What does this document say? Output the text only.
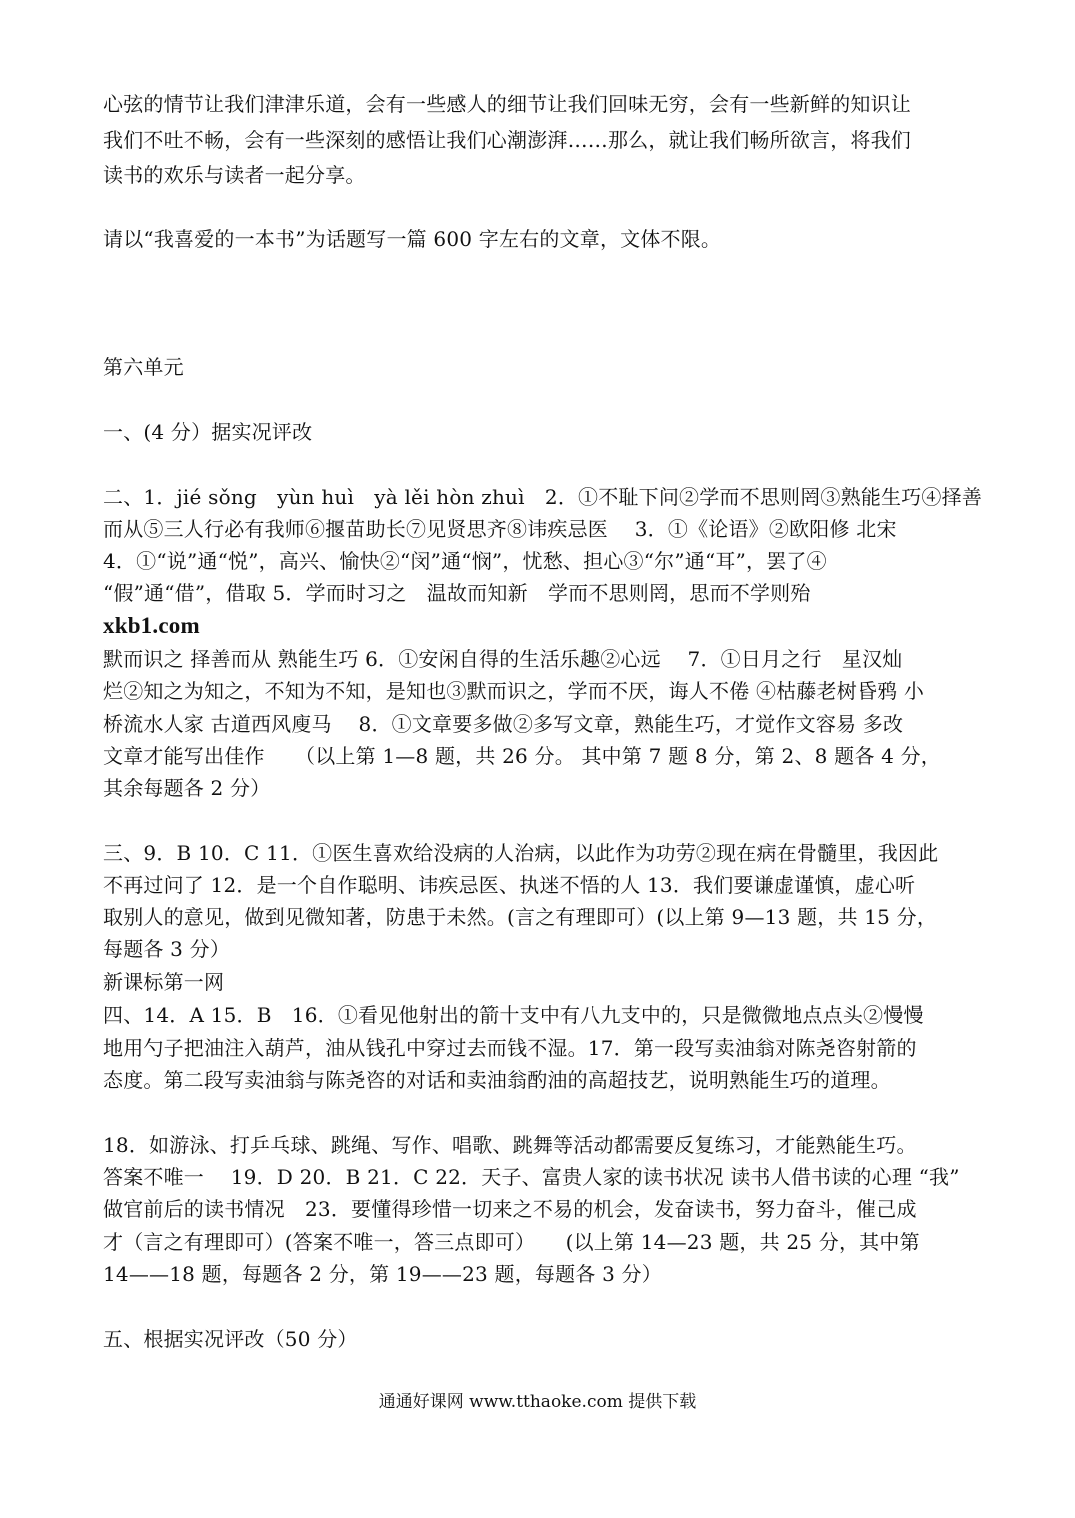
心弦的情节让我们津津乐道，会有一些感人的细节让我们回味无穷，会有一些新鲜的知识让
我们不吐不畅，会有一些深刻的感悟让我们心潮澎湃……那么，就让我们畅所欲言，将我们
读书的欢乐与读者一起分享。
请以“我喜爱的一本书”为话题写一篇 600 字左右的文章，文体不限。
第六单元
一、(4 分）据实况评改
二、1．jié sǒng　yùn huì　yà lěi hòn zhuì　2．①不耻下问②学而不思则罔③熟能生巧④择善
而从⑤三人行必有我师⑥揠苗助长⑦见贤思齐⑧讳疾忌医　 3．①《论语》②欧阳修 北宋
4．①“说”通“悦”，高兴、愉快②“闵”通“悯”，忧愁、担心③“尔”通“耳”，罢了④
“假”通“借”，借取 5．学而时习之　温故而知新　学而不思则罔，思而不学则殆
xkb1.com
默而识之 择善而从 熟能生巧 6．①安闲自得的生活乐趣②心远　 7．①日月之行　星汉灿
烂②知之为知之，不知为不知，是知也③默而识之，学而不厌，诲人不倦 ④枯藤老树昏鸦 小
桥流水人家 古道西风廋马　 8．①文章要多做②多写文章，熟能生巧，才觉作文容易 多改
文章才能写出佳作　　（以上第 1—8 题，共 26 分。 其中第 7 题 8 分，第 2、8 题各 4 分，
其余每题各 2 分）
三、9．B 10．C 11．①医生喜欢给没病的人治病，以此作为功劳②现在病在骨髓里，我因此
不再过问了 12．是一个自作聪明、讳疾忌医、执迷不悟的人 13．我们要谦虚谨慎，虚心听
取别人的意见，做到见微知著，防患于未然。(言之有理即可）(以上第 9—13 题，共 15 分，
每题各 3 分）
新课标第一网
四、14．A 15．B　16．①看见他射出的箭十支中有八九支中的，只是微微地点点头②慢慢
地用勺子把油注入葫芦，油从钱孔中穿过去而钱不湿。17．第一段写卖油翁对陈尧咨射箭的
态度。第二段写卖油翁与陈尧咨的对话和卖油翁酌油的高超技艺，说明熟能生巧的道理。
18．如游泳、打乒乓球、跳绳、写作、唱歌、跳舞等活动都需要反复练习，才能熟能生巧。
答案不唯一　 19．D 20．B 21．C 22．天子、富贵人家的读书状况 读书人借书读的心理 “我”
做官前后的读书情况　23．要懂得珍惜一切来之不易的机会，发奋读书，努力奋斗，催己成
才（言之有理即可）(答案不唯一，答三点即可）　　(以上第 14—23 题，共 25 分，其中第
14——18 题，每题各 2 分，第 19——23 题，每题各 3 分）
五、根据实况评改（50 分）
通通好课网 www.tthaoke.com 提供下载
